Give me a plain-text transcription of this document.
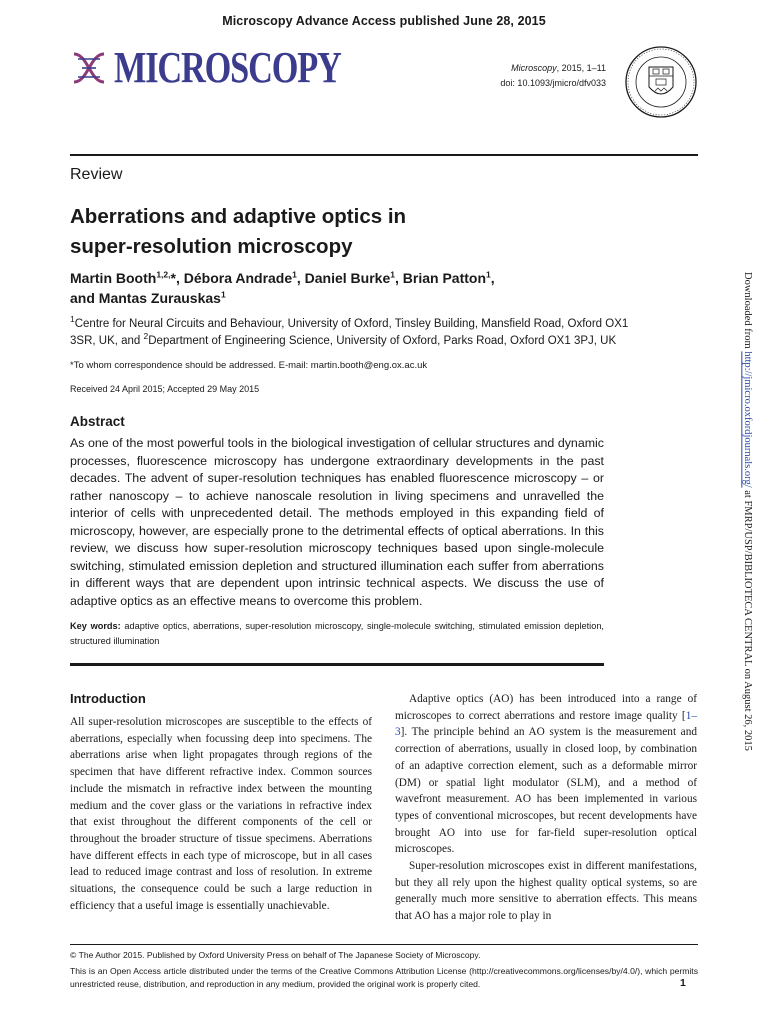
Microscopy Advance Access published June 28, 2015
MICROSCOPY	Microscopy, 2015, 1–11
doi: 10.1093/jmicro/dfv033
Review
Aberrations and adaptive optics in
super-resolution microscopy
Martin Booth$^{1,2,}$*, Débora Andrade$^1$, Daniel Burke$^1$, Brian Patton$^1$,
and Mantas Zurauskas$^1$
$^1$Centre for Neural Circuits and Behaviour, University of Oxford, Tinsley Building, Mansfield Road, Oxford OX1 3SR, UK, and $^2$Department of Engineering Science, University of Oxford, Parks Road, Oxford OX1 3PJ, UK
*To whom correspondence should be addressed. E-mail: martin.booth@eng.ox.ac.uk
Received 24 April 2015; Accepted 29 May 2015
Abstract
As one of the most powerful tools in the biological investigation of cellular structures and dynamic processes, fluorescence microscopy has undergone extraordinary developments in the past decades. The advent of super-resolution techniques has enabled fluorescence microscopy – or rather nanoscopy – to achieve nanoscale resolution in living specimens and unravelled the interior of cells with unprecedented detail. The methods employed in this expanding field of microscopy, however, are especially prone to the detrimental effects of optical aberrations. In this review, we discuss how super-resolution microscopy techniques based upon single-molecule switching, stimulated emission depletion and structured illumination each suffer from aberrations in different ways that are dependent upon intrinsic technical aspects. We discuss the use of adaptive optics as an effective means to overcome this problem.
Key words: adaptive optics, aberrations, super-resolution microscopy, single-molecule switching, stimulated emission depletion, structured illumination
Introduction

All super-resolution microscopes are susceptible to the effects of aberrations, especially when focussing deep into specimens. The aberrations arise when light propagates through regions of the specimen that have different refractive index. Common sources include the mismatch in refractive index between the mounting medium and the cover glass or the variations in refractive index that exist throughout the different components of the cell or throughout the broader structure of tissue specimens. Aberrations have different effects in each type of microscope, but in all cases lead to reduced image contrast and loss of resolution. In extreme situations, the consequence could be such a large reduction in efficiency that a useful image is essentially unachievable.

Adaptive optics (AO) has been introduced into a range of microscopes to correct aberrations and restore image quality [1–3]. The principle behind an AO system is the measurement and correction of aberrations, usually in closed loop, by combination of an adaptive correction element, such as a deformable mirror (DM) or spatial light modulator (SLM), and a method of wavefront measurement. AO has been implemented in various types of conventional microscopes, but recent developments have brought AO into use for far-field super-resolution optical microscopes.

Super-resolution microscopes exist in different manifestations, but they all rely upon the highest quality optical systems, so are generally much more sensitive to aberration effects. This means that AO has a major role to play in

Downloaded from http://jmicro.oxfordjournals.org/ at FMRP/USP/BIBLIOTECA CENTRAL on August 26, 2015
© The Author 2015. Published by Oxford University Press on behalf of The Japanese Society of Microscopy.
This is an Open Access article distributed under the terms of the Creative Commons Attribution License (http://creativecommons.org/licenses/by/4.0/), which permits unrestricted reuse, distribution, and reproduction in any medium, provided the original work is properly cited.	1
